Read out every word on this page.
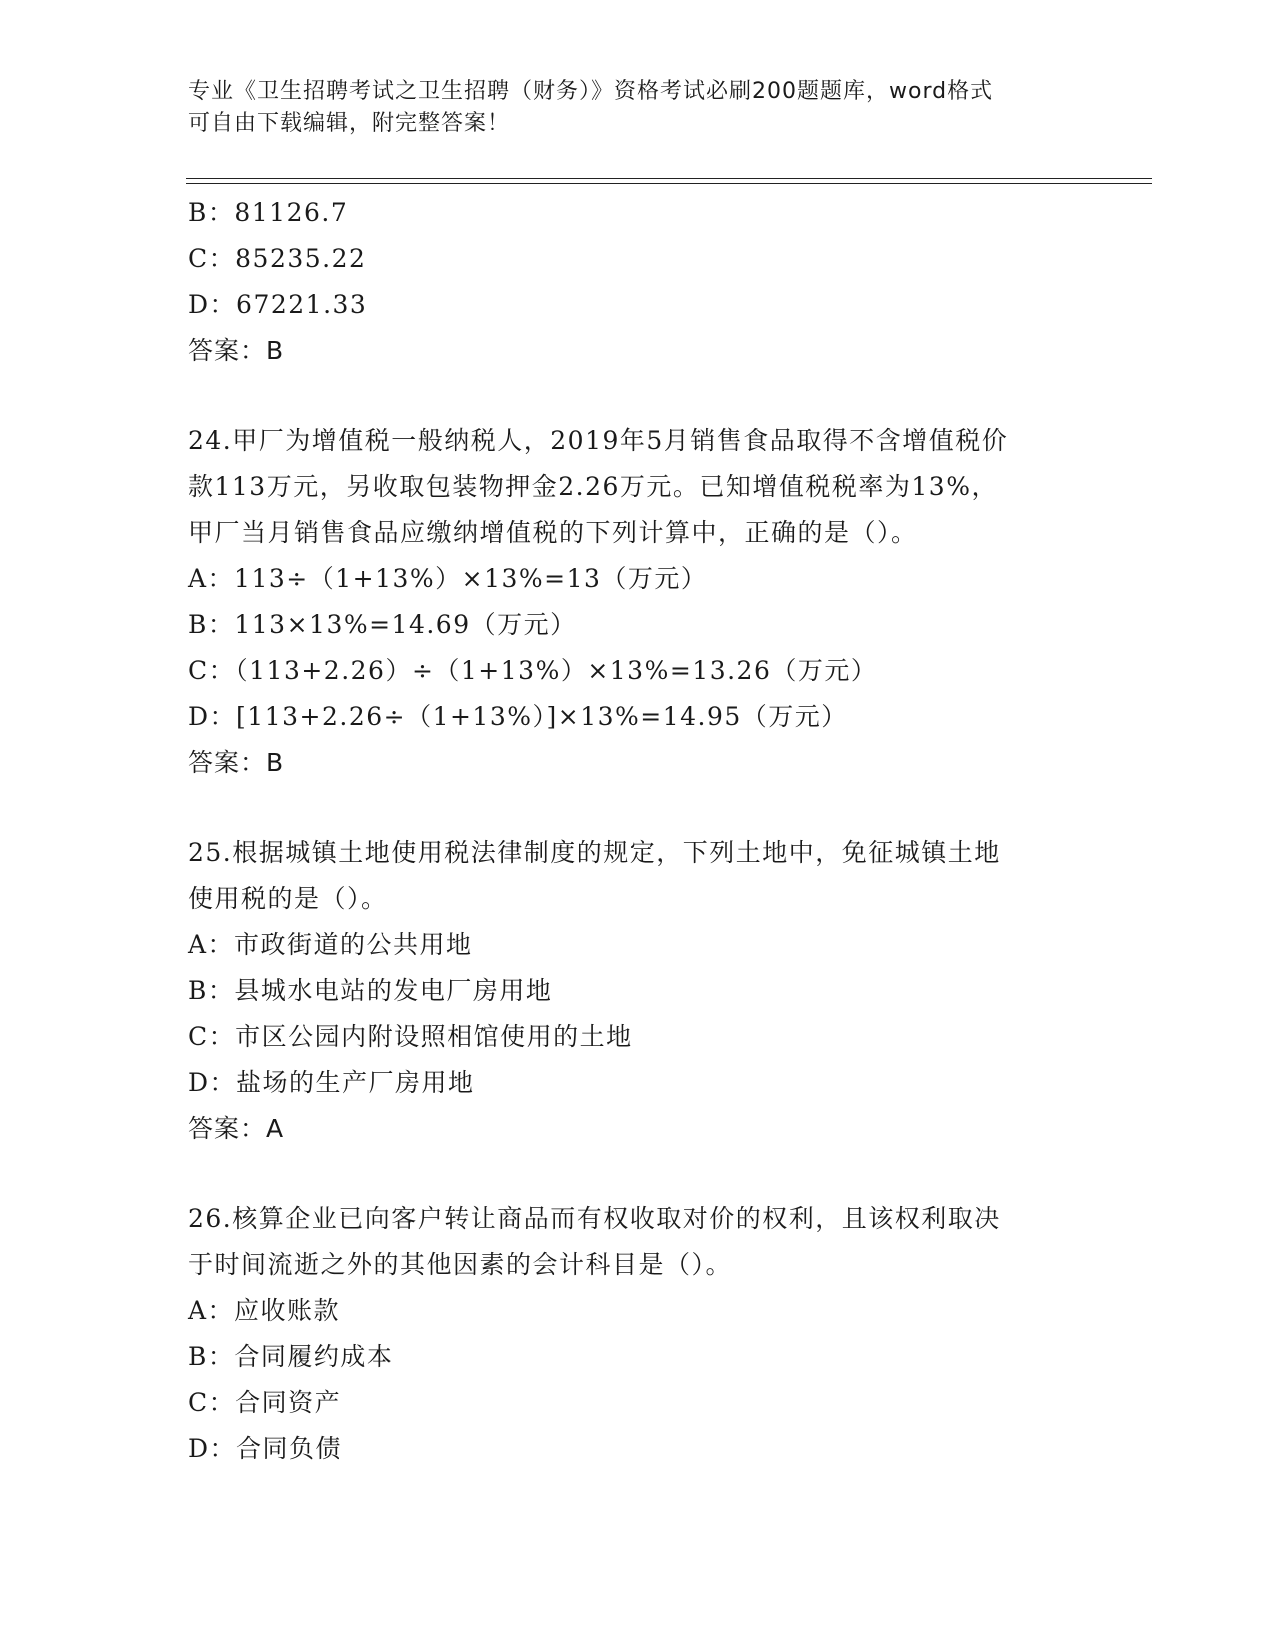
专业《卫生招聘考试之卫生招聘（财务）》资格考试必刷200题题库，word格式
可自由下载编辑，附完整答案！
B：81126.7
C：85235.22
D：67221.33
答案：B
24.甲厂为增值税一般纳税人，2019年5月销售食品取得不含增值税价
款113万元，另收取包装物押金2.26万元。已知增值税税率为13%，
甲厂当月销售食品应缴纳增值税的下列计算中，正确的是（）。
A：113÷（1+13%）×13%=13（万元）
B：113×13%=14.69（万元）
C：（113+2.26）÷（1+13%）×13%=13.26（万元）
D：[113+2.26÷（1+13%）]×13%=14.95（万元）
答案：B
25.根据城镇土地使用税法律制度的规定，下列土地中，免征城镇土地
使用税的是（）。
A：市政街道的公共用地
B：县城水电站的发电厂房用地
C：市区公园内附设照相馆使用的土地
D：盐场的生产厂房用地
答案：A
26.核算企业已向客户转让商品而有权收取对价的权利，且该权利取决
于时间流逝之外的其他因素的会计科目是（）。
A：应收账款
B：合同履约成本
C：合同资产
D：合同负债
